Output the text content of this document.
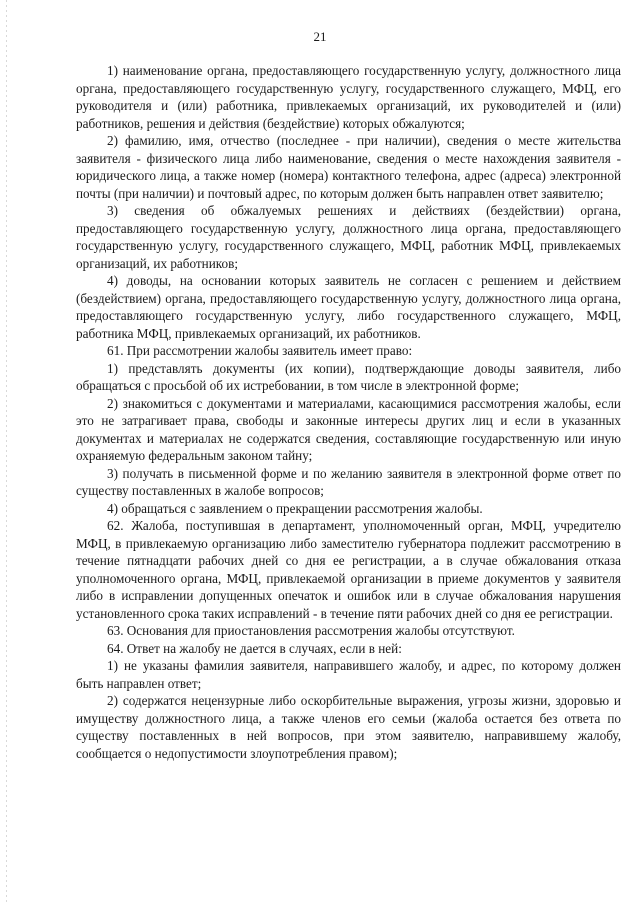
21

1) наименование органа, предоставляющего государственную услугу, должностного лица органа, предоставляющего государственную услугу, государственного служащего, МФЦ, его руководителя и (или) работника, привлекаемых организаций, их руководителей и (или) работников, решения и действия (бездействие) которых обжалуются;

2) фамилию, имя, отчество (последнее - при наличии), сведения о месте жительства заявителя - физического лица либо наименование, сведения о месте нахождения заявителя - юридического лица, а также номер (номера) контактного телефона, адрес (адреса) электронной почты (при наличии) и почтовый адрес, по которым должен быть направлен ответ заявителю;

3) сведения об обжалуемых решениях и действиях (бездействии) органа, предоставляющего государственную услугу, должностного лица органа, предоставляющего государственную услугу, государственного служащего, МФЦ, работник МФЦ, привлекаемых организаций, их работников;

4) доводы, на основании которых заявитель не согласен с решением и действием (бездействием) органа, предоставляющего государственную услугу, должностного лица органа, предоставляющего государственную услугу, либо государственного служащего, МФЦ, работника МФЦ, привлекаемых организаций, их работников.

61. При рассмотрении жалобы заявитель имеет право:

1) представлять документы (их копии), подтверждающие доводы заявителя, либо обращаться с просьбой об их истребовании, в том числе в электронной форме;

2) знакомиться с документами и материалами, касающимися рассмотрения жалобы, если это не затрагивает права, свободы и законные интересы других лиц и если в указанных документах и материалах не содержатся сведения, составляющие государственную или иную охраняемую федеральным законом тайну;

3) получать в письменной форме и по желанию заявителя в электронной форме ответ по существу поставленных в жалобе вопросов;

4) обращаться с заявлением о прекращении рассмотрения жалобы.

62. Жалоба, поступившая в департамент, уполномоченный орган, МФЦ, учредителю МФЦ, в привлекаемую организацию либо заместителю губернатора подлежит рассмотрению в течение пятнадцати рабочих дней со дня ее регистрации, а в случае обжалования отказа уполномоченного органа, МФЦ, привлекаемой организации в приеме документов у заявителя либо в исправлении допущенных опечаток и ошибок или в случае обжалования нарушения установленного срока таких исправлений - в течение пяти рабочих дней со дня ее регистрации.

63. Основания для приостановления рассмотрения жалобы отсутствуют.

64. Ответ на жалобу не дается в случаях, если в ней:

1) не указаны фамилия заявителя, направившего жалобу, и адрес, по которому должен быть направлен ответ;

2) содержатся нецензурные либо оскорбительные выражения, угрозы жизни, здоровью и имуществу должностного лица, а также членов его семьи (жалоба остается без ответа по существу поставленных в ней вопросов, при этом заявителю, направившему жалобу, сообщается о недопустимости злоупотребления правом);
